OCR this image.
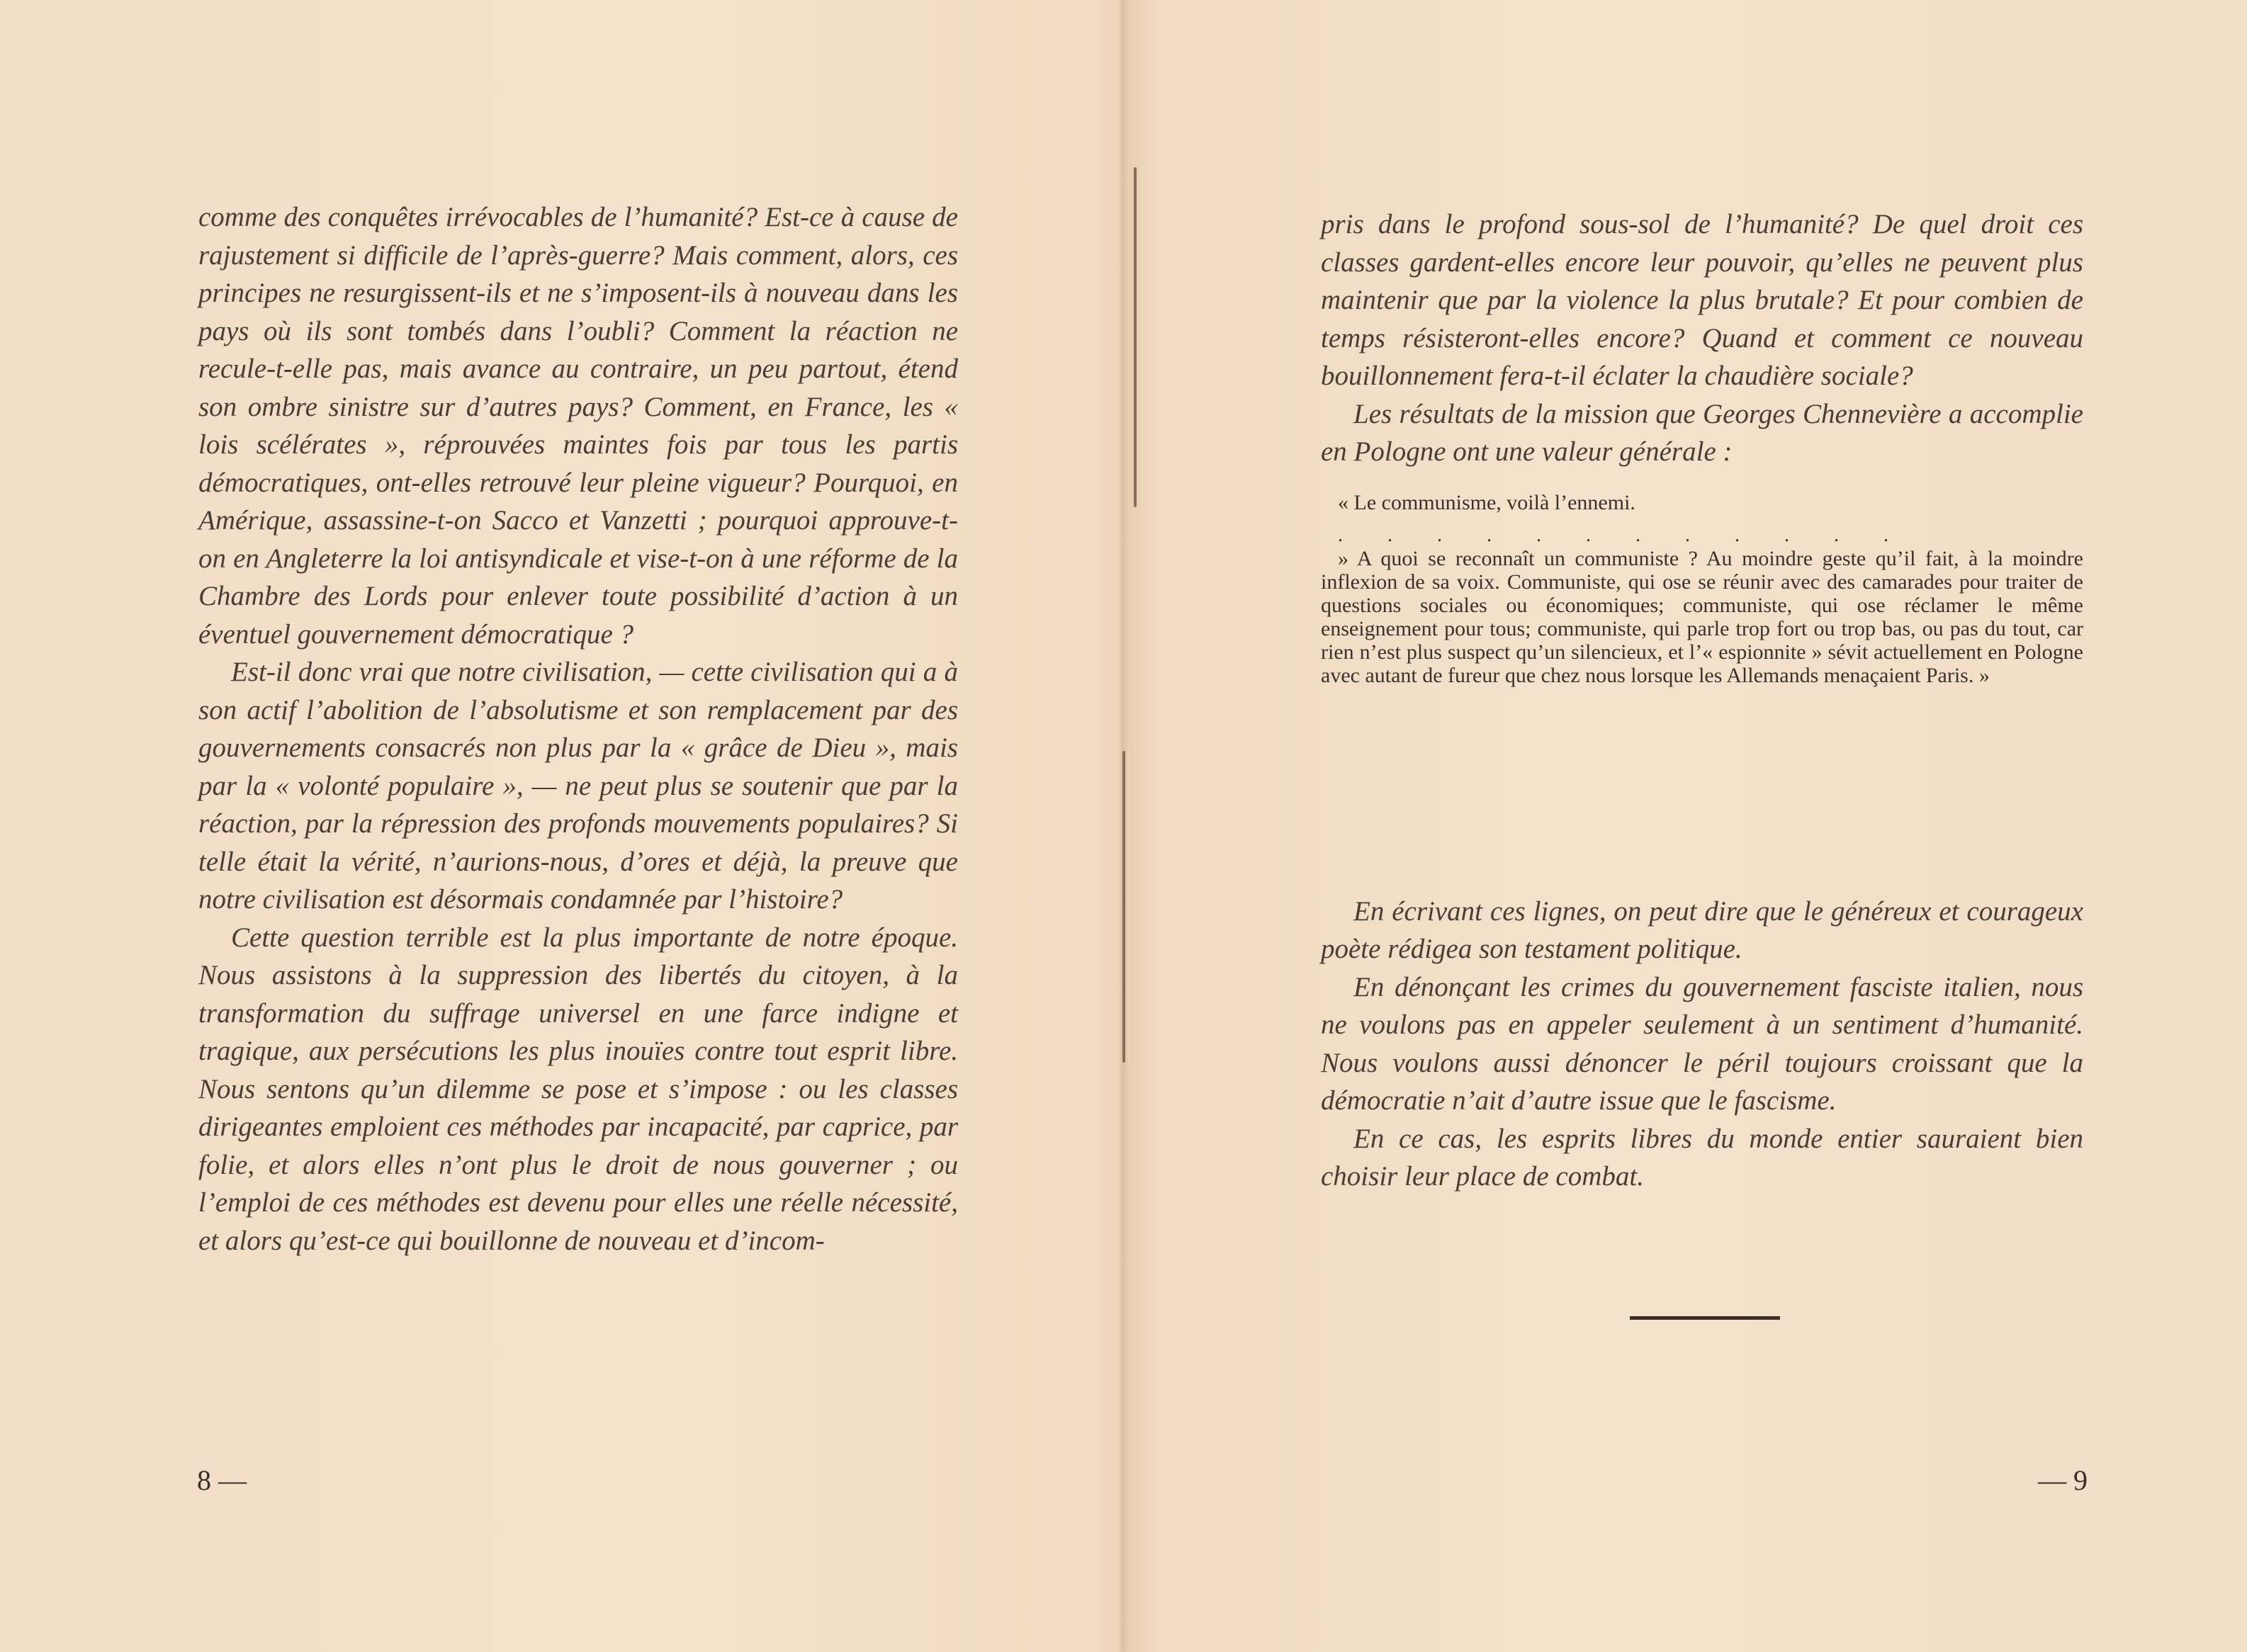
comme des conquêtes irrévocables de l’humanité? Est-ce à cause de rajustement si difficile de l’après-guerre? Mais comment, alors, ces principes ne resurgissent-ils et ne s’imposent-ils à nouveau dans les pays où ils sont tombés dans l’oubli? Comment la réaction ne recule-t-elle pas, mais avance au contraire, un peu partout, étend son ombre sinistre sur d’autres pays? Comment, en France, les « lois scélérates », réprouvées maintes fois par tous les partis démocratiques, ont-elles retrouvé leur pleine vigueur? Pourquoi, en Amérique, assassine-t-on Sacco et Vanzetti ; pourquoi approuve-t-on en Angleterre la loi antisyndicale et vise-t-on à une réforme de la Chambre des Lords pour enlever toute possibilité d’action à un éventuel gouvernement démocratique ?

Est-il donc vrai que notre civilisation, — cette civilisation qui a à son actif l’abolition de l’absolutisme et son remplacement par des gouvernements consacrés non plus par la « grâce de Dieu », mais par la « volonté populaire », — ne peut plus se soutenir que par la réaction, par la répression des profonds mouvements populaires? Si telle était la vérité, n’aurions-nous, d’ores et déjà, la preuve que notre civilisation est désormais condamnée par l’histoire?

Cette question terrible est la plus importante de notre époque. Nous assistons à la suppression des libertés du citoyen, à la transformation du suffrage universel en une farce indigne et tragique, aux persécutions les plus inouïes contre tout esprit libre. Nous sentons qu’un dilemme se pose et s’impose : ou les classes dirigeantes emploient ces méthodes par incapacité, par caprice, par folie, et alors elles n’ont plus le droit de nous gouverner ; ou l’emploi de ces méthodes est devenu pour elles une réelle nécessité, et alors qu’est-ce qui bouillonne de nouveau et d’incom-

pris dans le profond sous-sol de l’humanité? De quel droit ces classes gardent-elles encore leur pouvoir, qu’elles ne peuvent plus maintenir que par la violence la plus brutale? Et pour combien de temps résisteront-elles encore? Quand et comment ce nouveau bouillonnement fera-t-il éclater la chaudière sociale?

Les résultats de la mission que Georges Chennevière a accomplie en Pologne ont une valeur générale :

« Le communisme, voilà l’ennemi.

. . . . . . . . . . . .

» A quoi se reconnaît un communiste ? Au moindre geste qu’il fait, à la moindre inflexion de sa voix. Communiste, qui ose se réunir avec des camarades pour traiter de questions sociales ou économiques; communiste, qui ose réclamer le même enseignement pour tous; communiste, qui parle trop fort ou trop bas, ou pas du tout, car rien n’est plus suspect qu’un silencieux, et l’« espionnite » sévit actuellement en Pologne avec autant de fureur que chez nous lorsque les Allemands menaçaient Paris. »

En écrivant ces lignes, on peut dire que le généreux et courageux poète rédigea son testament politique.

En dénonçant les crimes du gouvernement fasciste italien, nous ne voulons pas en appeler seulement à un sentiment d’humanité. Nous voulons aussi dénoncer le péril toujours croissant que la démocratie n’ait d’autre issue que le fascisme.

En ce cas, les esprits libres du monde entier sauraient bien choisir leur place de combat.

8 —	— 9
